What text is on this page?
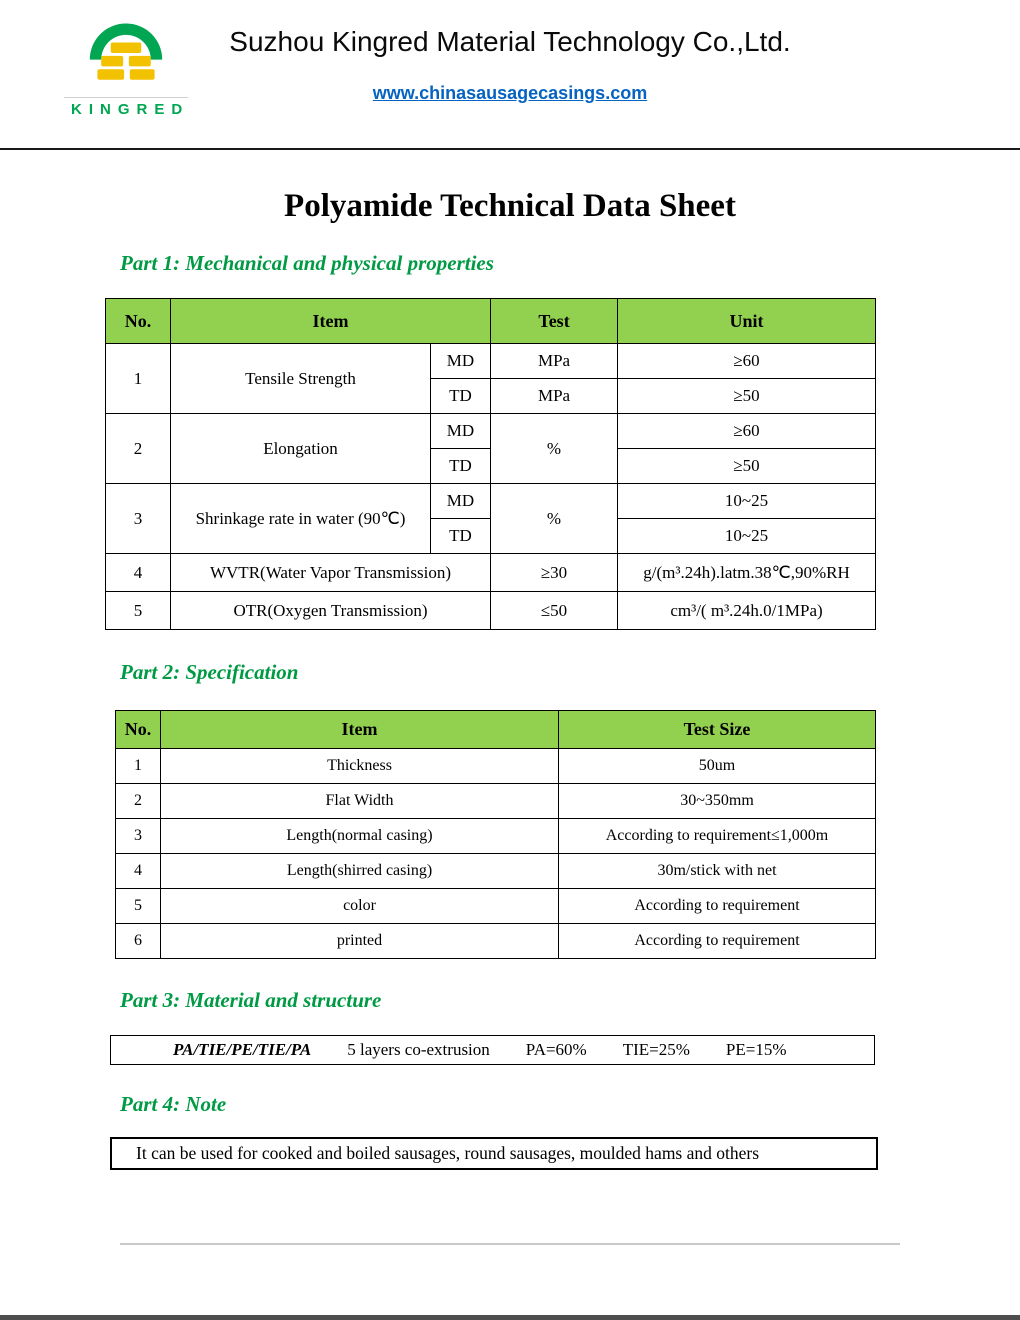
KINGRED
Suzhou Kingred Material Technology Co.,Ltd.
www.chinasausagecasings.com
Polyamide Technical Data Sheet
Part 1: Mechanical and physical properties
No.	Item		Test	Unit
1	Tensile Strength	MD	MPa	≥60
		TD	MPa	≥50
2	Elongation	MD	%	≥60
		TD		≥50
3	Shrinkage rate in water (90℃)	MD	%	10~25
		TD		10~25
4	WVTR(Water Vapor Transmission)		≥30	g/(m³.24h).latm.38℃,90%RH
5	OTR(Oxygen Transmission)		≤50	cm³/( m³.24h.0/1MPa)
Part 2: Specification
No.	Item	Test Size
1	Thickness	50um
2	Flat Width	30~350mm
3	Length(normal casing)	According to requirement≤1,000m
4	Length(shirred casing)	30m/stick with net
5	color	According to requirement
6	printed	According to requirement
Part 3: Material and structure
PA/TIE/PE/TIE/PA 5 layers co-extrusion PA=60% TIE=25% PE=15%
Part 4: Note
It can be used for cooked and boiled sausages, round sausages, moulded hams and others
